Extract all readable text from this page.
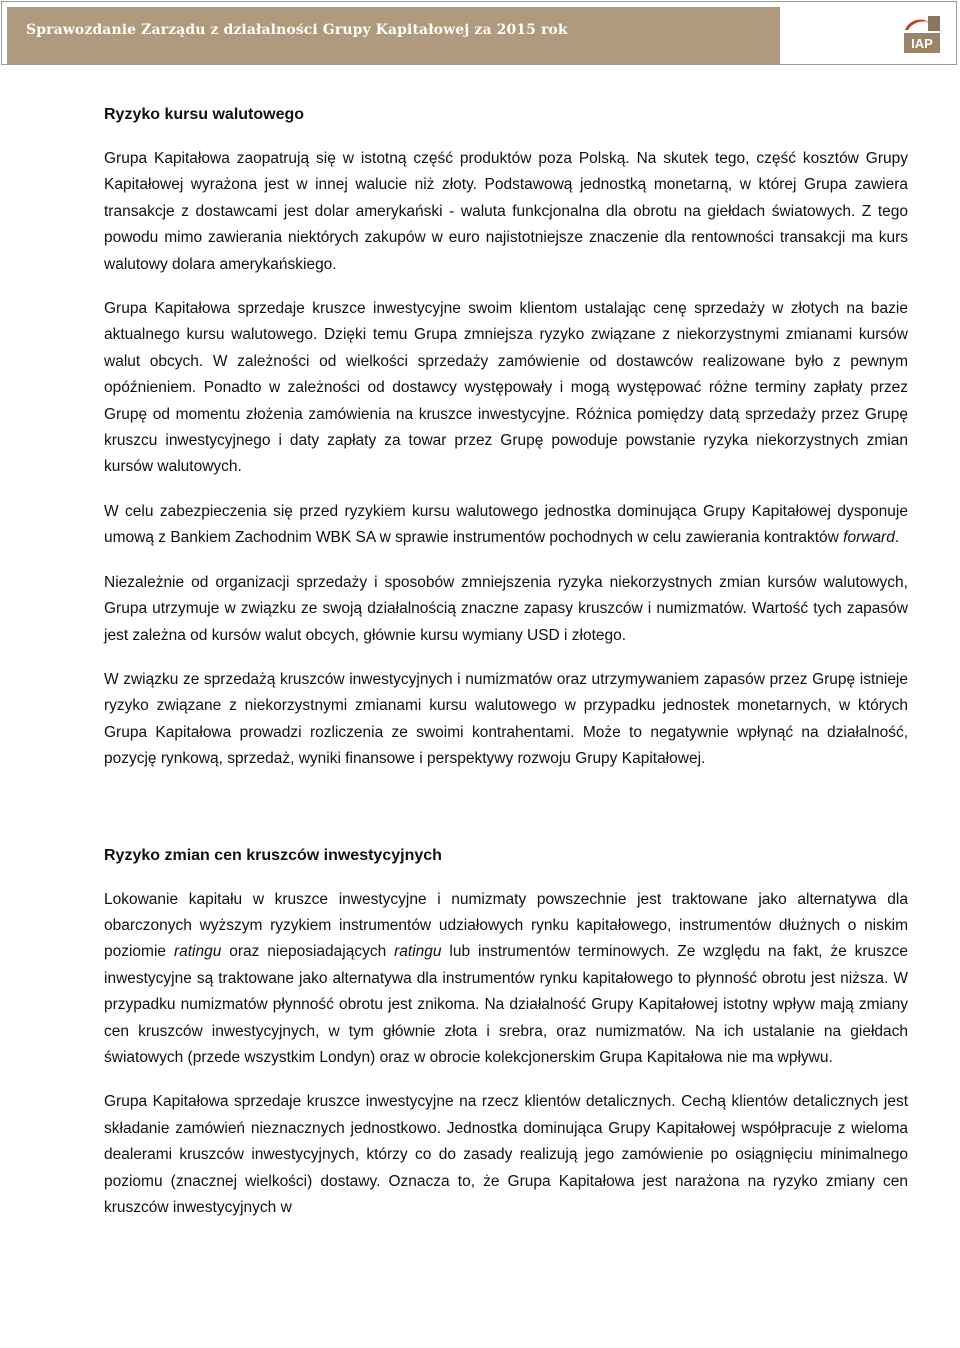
Sprawozdanie Zarządu z działalności Grupy Kapitałowej za 2015 rok
IAP

Ryzyko kursu walutowego

Grupa Kapitałowa zaopatrują się w istotną część produktów poza Polską. Na skutek tego, część kosztów Grupy Kapitałowej wyrażona jest w innej walucie niż złoty. Podstawową jednostką monetarną, w której Grupa zawiera transakcje z dostawcami jest dolar amerykański - waluta funkcjonalna dla obrotu na giełdach światowych. Z tego powodu mimo zawierania niektórych zakupów w euro najistotniejsze znaczenie dla rentowności transakcji ma kurs walutowy dolara amerykańskiego.

Grupa Kapitałowa sprzedaje kruszce inwestycyjne swoim klientom ustalając cenę sprzedaży w złotych na bazie aktualnego kursu walutowego. Dzięki temu Grupa zmniejsza ryzyko związane z niekorzystnymi zmianami kursów walut obcych. W zależności od wielkości sprzedaży zamówienie od dostawców realizowane było z pewnym opóźnieniem. Ponadto w zależności od dostawcy występowały i mogą występować różne terminy zapłaty przez Grupę od momentu złożenia zamówienia na kruszce inwestycyjne. Różnica pomiędzy datą sprzedaży przez Grupę kruszcu inwestycyjnego i daty zapłaty za towar przez Grupę powoduje powstanie ryzyka niekorzystnych zmian kursów walutowych.

W celu zabezpieczenia się przed ryzykiem kursu walutowego jednostka dominująca Grupy Kapitałowej dysponuje umową z Bankiem Zachodnim WBK SA w sprawie instrumentów pochodnych w celu zawierania kontraktów forward.

Niezależnie od organizacji sprzedaży i sposobów zmniejszenia ryzyka niekorzystnych zmian kursów walutowych, Grupa utrzymuje w związku ze swoją działalnością znaczne zapasy kruszców i numizmatów. Wartość tych zapasów jest zależna od kursów walut obcych, głównie kursu wymiany USD i złotego.

W związku ze sprzedażą kruszców inwestycyjnych i numizmatów oraz utrzymywaniem zapasów przez Grupę istnieje ryzyko związane z niekorzystnymi zmianami kursu walutowego w przypadku jednostek monetarnych, w których Grupa Kapitałowa prowadzi rozliczenia ze swoimi kontrahentami. Może to negatywnie wpłynąć na działalność, pozycję rynkową, sprzedaż, wyniki finansowe i perspektywy rozwoju Grupy Kapitałowej.

Ryzyko zmian cen kruszców inwestycyjnych

Lokowanie kapitału w kruszce inwestycyjne i numizmaty powszechnie jest traktowane jako alternatywa dla obarczonych wyższym ryzykiem instrumentów udziałowych rynku kapitałowego, instrumentów dłużnych o niskim poziomie ratingu oraz nieposiadających ratingu lub instrumentów terminowych. Ze względu na fakt, że kruszce inwestycyjne są traktowane jako alternatywa dla instrumentów rynku kapitałowego to płynność obrotu jest niższa. W przypadku numizmatów płynność obrotu jest znikoma. Na działalność Grupy Kapitałowej istotny wpływ mają zmiany cen kruszców inwestycyjnych, w tym głównie złota i srebra, oraz numizmatów. Na ich ustalanie na giełdach światowych (przede wszystkim Londyn) oraz w obrocie kolekcjonerskim Grupa Kapitałowa nie ma wpływu.

Grupa Kapitałowa sprzedaje kruszce inwestycyjne na rzecz klientów detalicznych. Cechą klientów detalicznych jest składanie zamówień nieznacznych jednostkowo. Jednostka dominująca Grupy Kapitałowej współpracuje z wieloma dealerami kruszców inwestycyjnych, którzy co do zasady realizują jego zamówienie po osiągnięciu minimalnego poziomu (znacznej wielkości) dostawy. Oznacza to, że Grupa Kapitałowa jest narażona na ryzyko zmiany cen kruszców inwestycyjnych w
